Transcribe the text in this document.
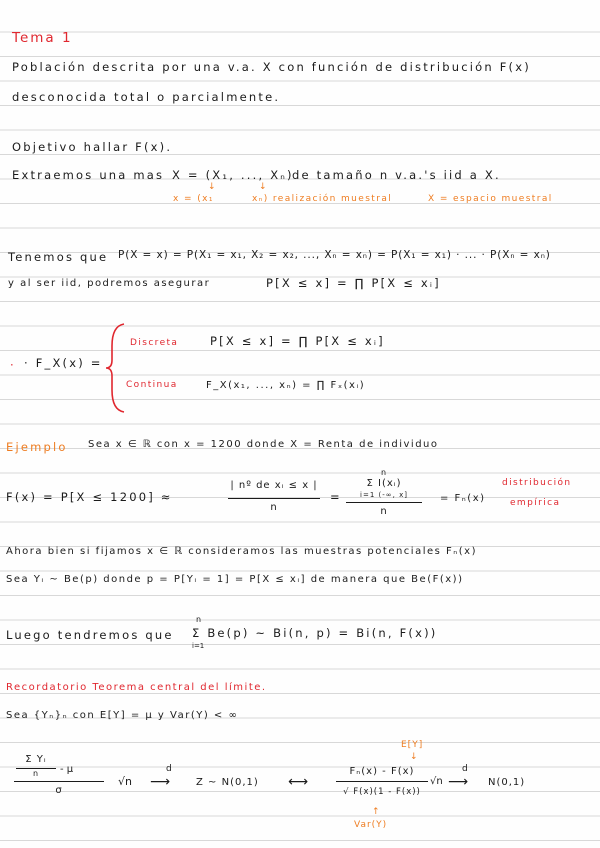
Tema 1
Población descrita por una v.a. X con función de distribución F(x)
desconocida total o parcialmente.
Objetivo hallar F(x).
Extraemos una mas X = (X₁, ..., Xₙ)
de tamaño n v.a.'s iid a X.
x = (x₁
↓	↓
xₙ) realización muestral	X = espacio muestral
Tenemos que P(X = x) = P(X₁ = x₁, X₂ = x₂, ..., Xₙ = xₙ) = P(X₁ = x₁) · ... · P(Xₙ = xₙ)
y al ser iid, podremos asegurar	P[X ≤ x] = ∏ P[X ≤ xᵢ]
· · F_X(x) =
Discreta	P[X ≤ x] = ∏ P[X ≤ xᵢ]
Continua	F_X(x₁, ..., xₙ) = ∏ Fₓ(xᵢ)
Ejemplo Sea x ∈ ℝ con x = 1200 donde X = Renta de individuo
F(x) = P[X ≤ 1200] ≈
| nº de xᵢ ≤ x |
n
=
n
Σ I(xᵢ)
i=1 (-∞, x]
n
= Fₙ(x)
distribución
empírica
Ahora bien si fijamos x ∈ ℝ consideramos las muestras potenciales Fₙ(x)
Sea Yᵢ ~ Be(p) donde p = P[Yᵢ = 1] = P[X ≤ xᵢ] de manera que Be(F(x))
Luego tendremos que
n
Σ Be(p) ~ Bi(n, p) = Bi(n, F(x))
i=1
Recordatorio Teorema central del límite.
Sea {Yₙ}ₙ con E[Y] = μ y Var(Y) < ∞
Σ Yᵢ
n	- μ
σ
√n
d
⟶	Z ~ N(0,1) ⟷
E[Y]
↓
Fₙ(x) - F(x)
√ F(x)(1 - F(x))
√n
d
⟶ N(0,1)
↑
Var(Y)
